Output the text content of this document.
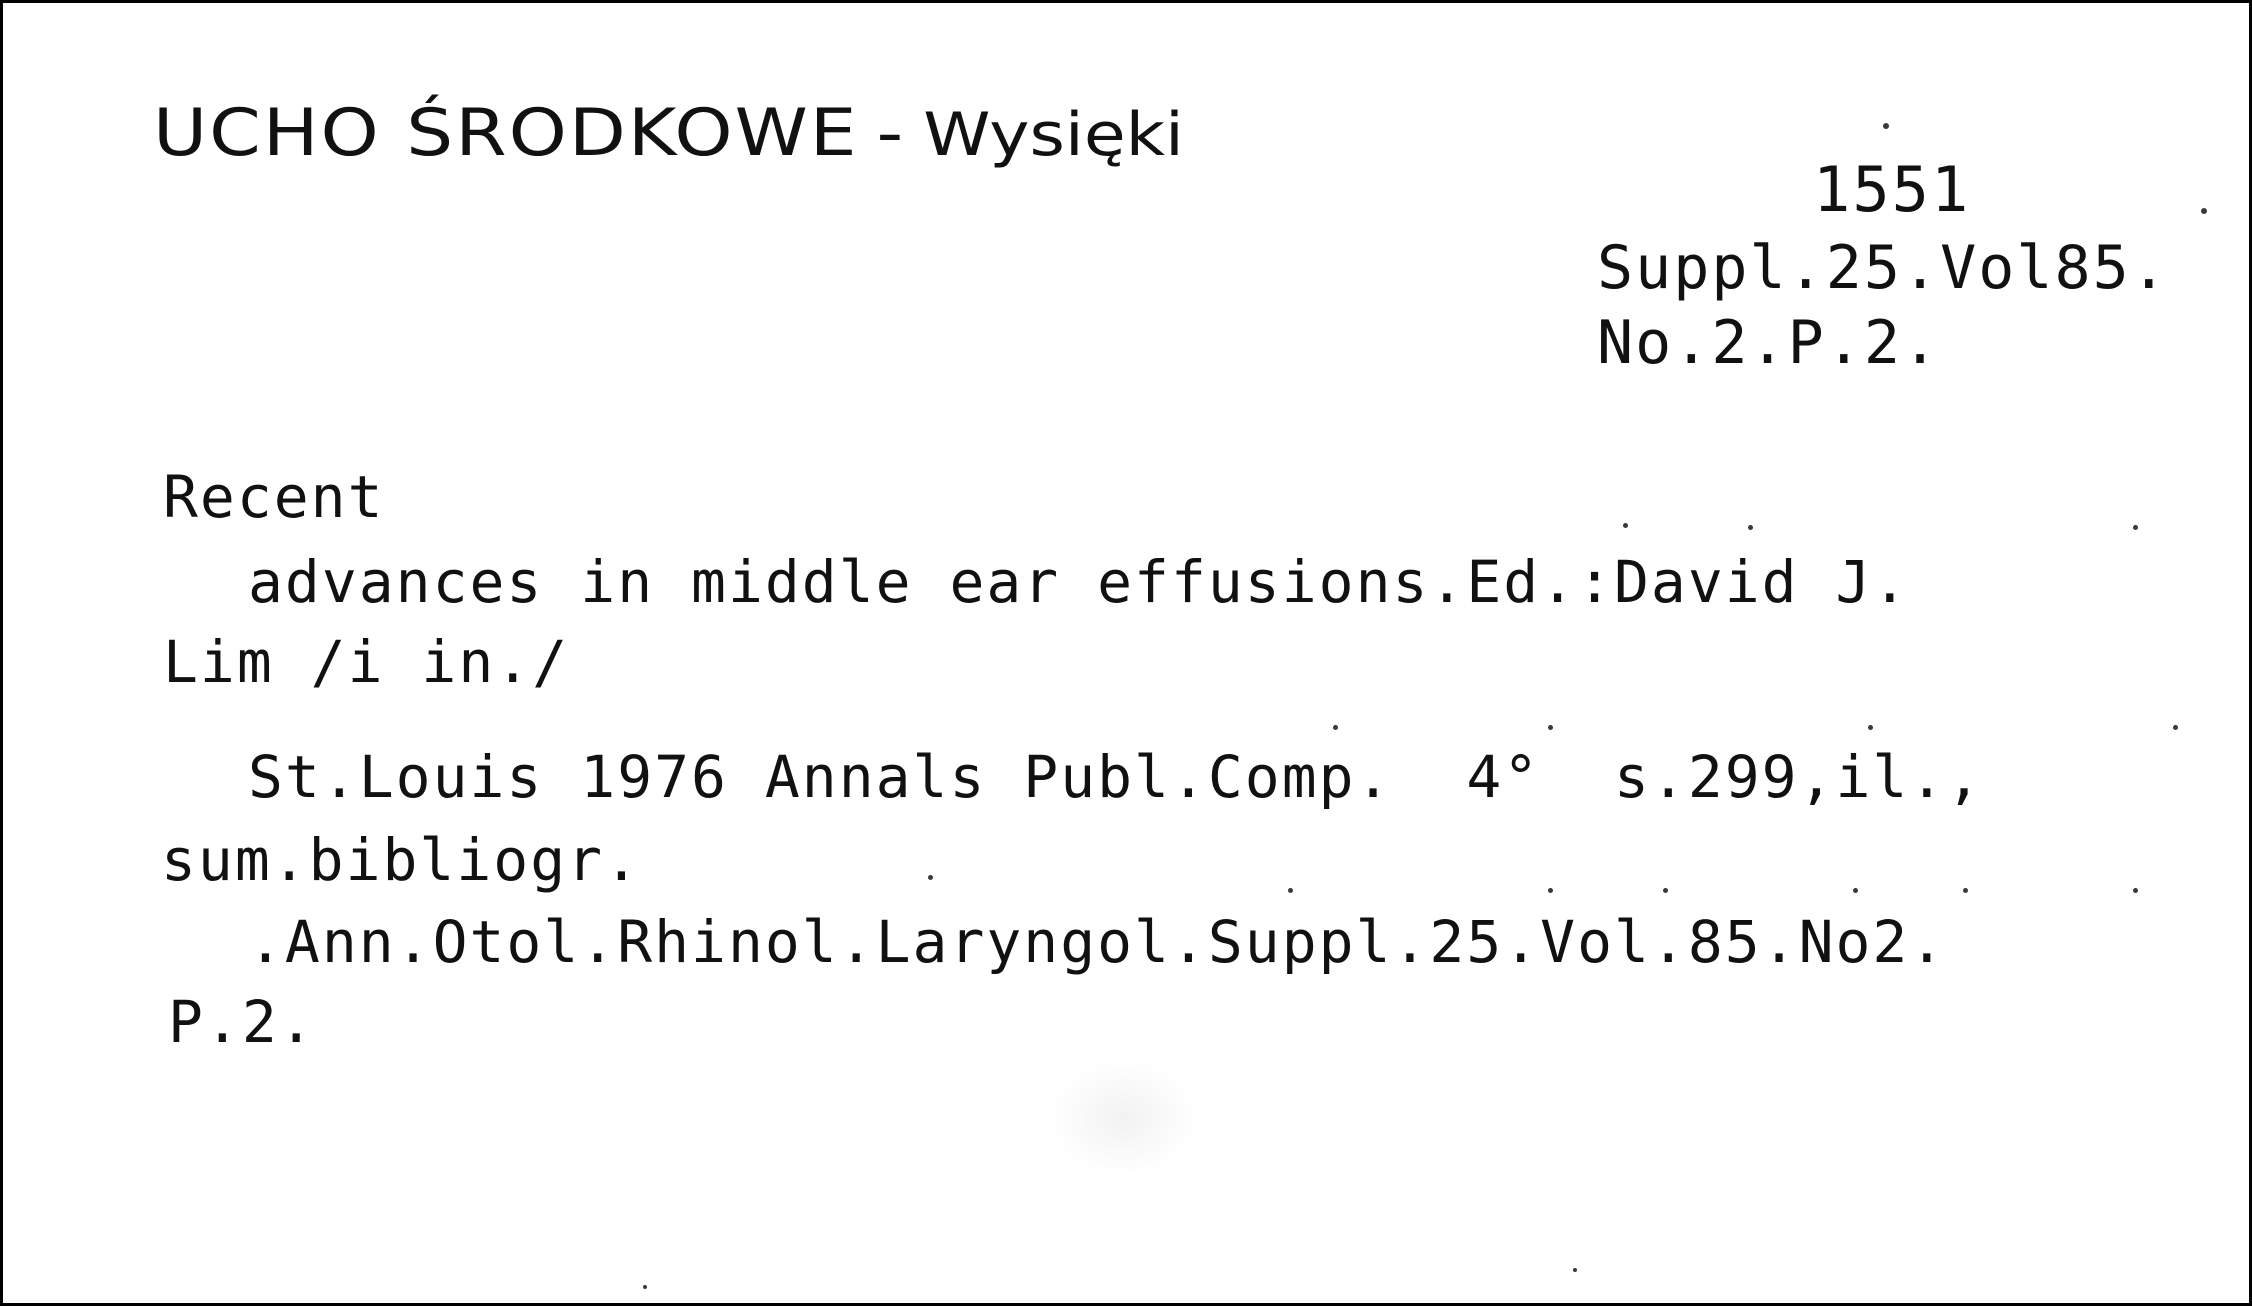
UCHO ŚRODKOWE - Wysięki
1551
Suppl.25.Vol85.
No.2.P.2.
Recent
advances in middle ear effusions.Ed.:David J.
Lim /i in./
St.Louis 1976 Annals Publ.Comp.  4°  s.299,il.,
sum.bibliogr.
.Ann.Otol.Rhinol.Laryngol.Suppl.25.Vol.85.No2.
P.2.
